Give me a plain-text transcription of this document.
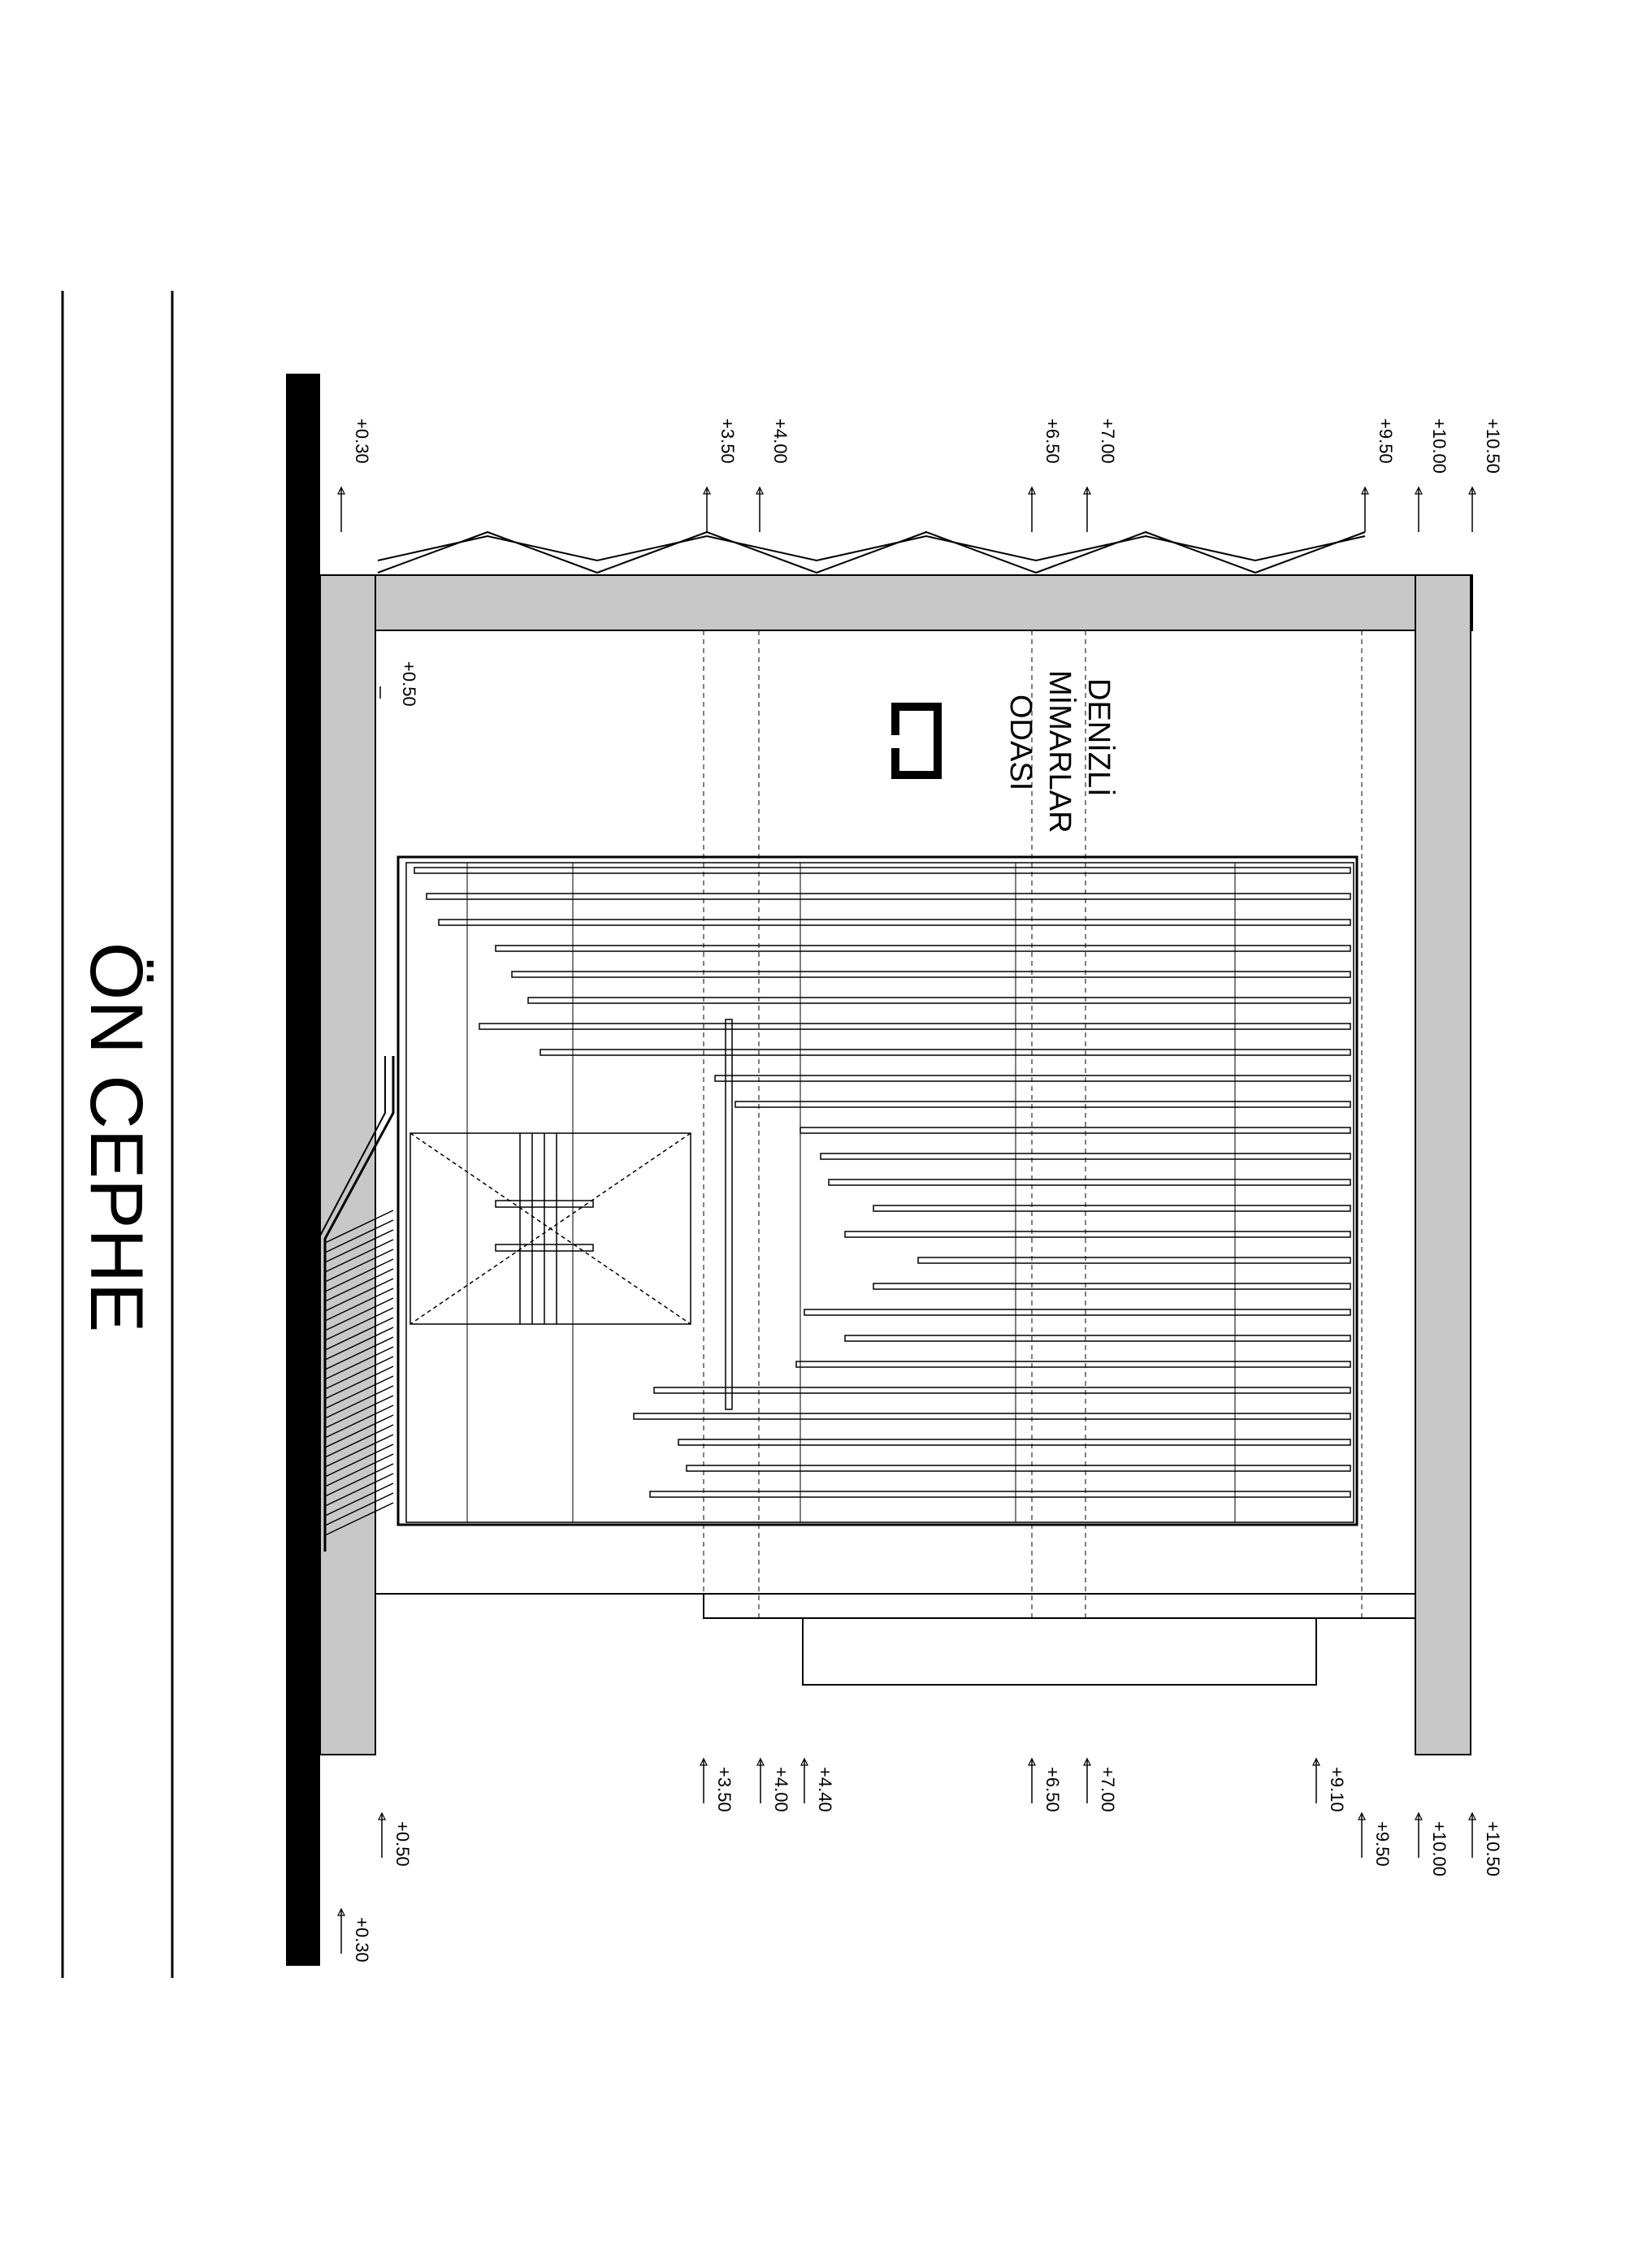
ÖN CEPHE
DENİZLİ
MİMARLAR
ODASI
+0.30	+3.50 +4.00	+6.50 +7.00	+9.50 +10.00 +10.50
+0.30
+3.50 +4.00 +4.40	+6.50 +7.00	+9.10
+9.50 +10.00 +10.50
+0.50
+0.50
